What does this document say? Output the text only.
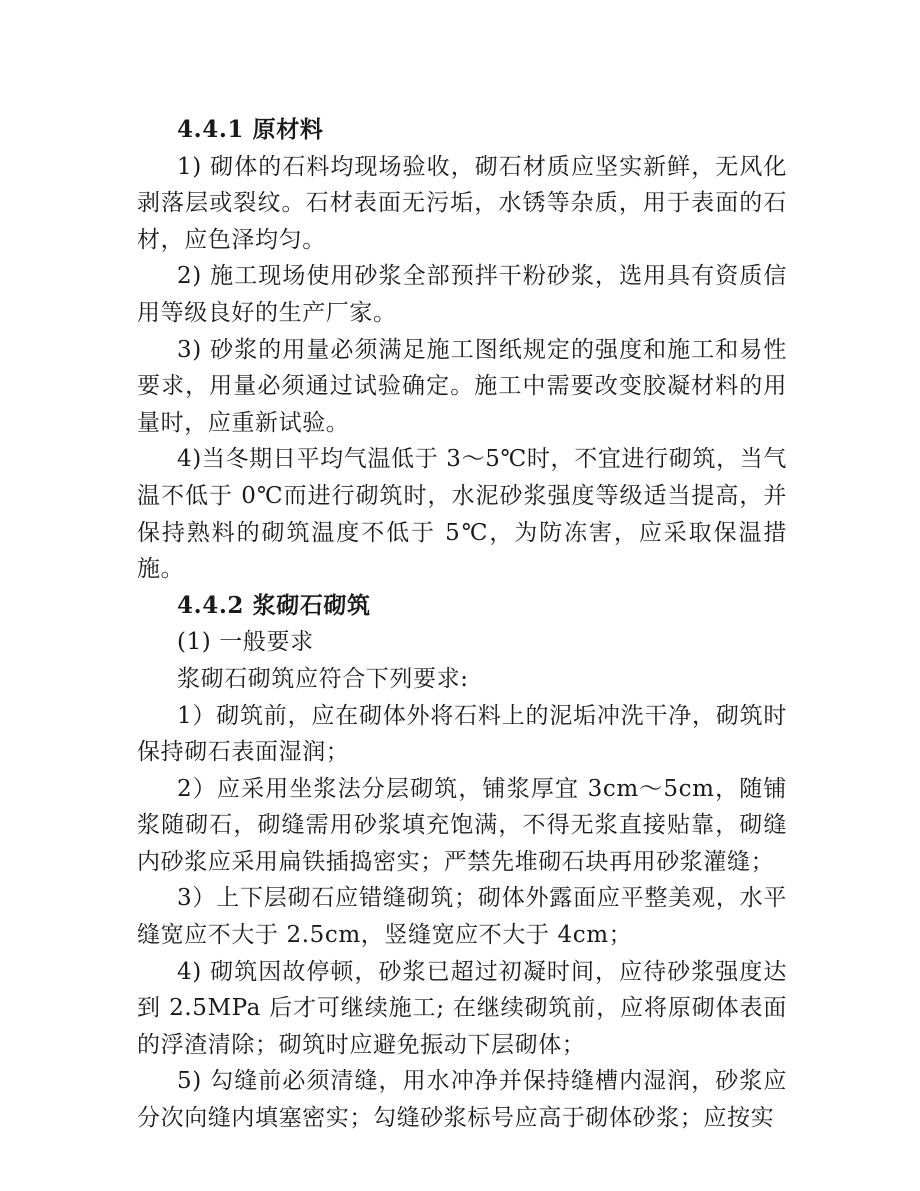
4.4.1 原材料

1) 砌体的石料均现场验收，砌石材质应坚实新鲜，无风化剥落层或裂纹。石材表面无污垢，水锈等杂质，用于表面的石材，应色泽均匀。

2) 施工现场使用砂浆全部预拌干粉砂浆，选用具有资质信用等级良好的生产厂家。

3) 砂浆的用量必须满足施工图纸规定的强度和施工和易性要求，用量必须通过试验确定。施工中需要改变胶凝材料的用量时，应重新试验。

4)当冬期日平均气温低于 3～5℃时，不宜进行砌筑，当气温不低于 0℃而进行砌筑时，水泥砂浆强度等级适当提高，并保持熟料的砌筑温度不低于 5℃，为防冻害，应采取保温措施。

4.4.2 浆砌石砌筑

(1) 一般要求

浆砌石砌筑应符合下列要求:

1）砌筑前，应在砌体外将石料上的泥垢冲洗干净，砌筑时保持砌石表面湿润；

2）应采用坐浆法分层砌筑，铺浆厚宜 3cm～5cm，随铺浆随砌石，砌缝需用砂浆填充饱满，不得无浆直接贴靠，砌缝内砂浆应采用扁铁插捣密实；严禁先堆砌石块再用砂浆灌缝；

3）上下层砌石应错缝砌筑；砌体外露面应平整美观，水平缝宽应不大于 2.5cm，竖缝宽应不大于 4cm；

4) 砌筑因故停顿，砂浆已超过初凝时间，应待砂浆强度达到 2.5MPa 后才可继续施工; 在继续砌筑前，应将原砌体表面的浮渣清除；砌筑时应避免振动下层砌体；

5) 勾缝前必须清缝，用水冲净并保持缝槽内湿润，砂浆应分次向缝内填塞密实；勾缝砂浆标号应高于砌体砂浆；应按实
